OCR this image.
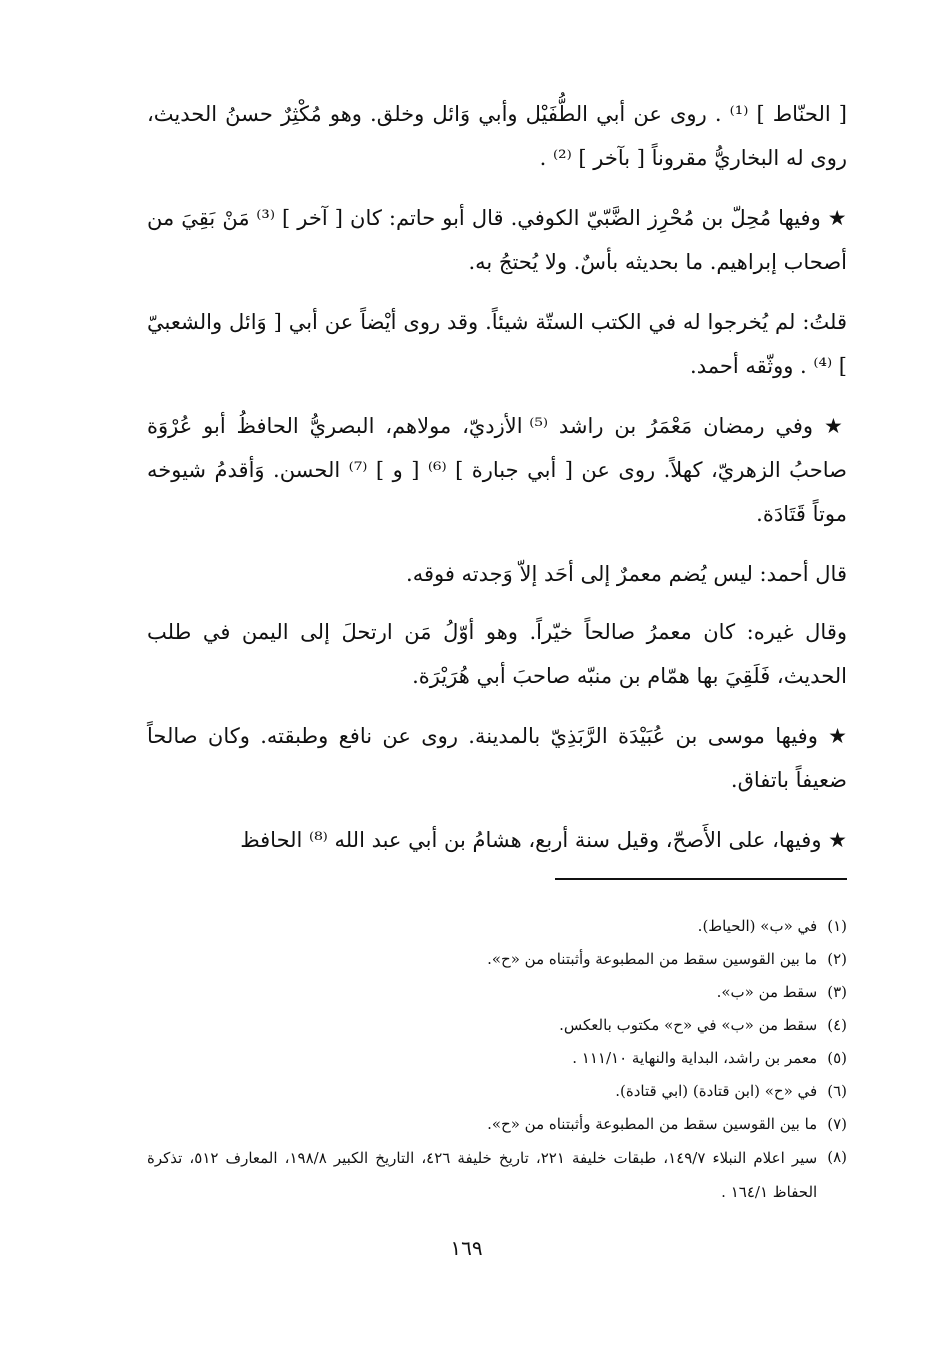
[ الحنّاط ] ⁽¹⁾ . روى عن أبي الطُّفَيْل وأبي وَائل وخلق. وهو مُكْثِرٌ حسنُ الحديث، روى له البخاريُّ مقروناً [ بآخر ] ⁽²⁾ .

★ وفيها مُحِلّ بن مُحْرِز الضَّبّيّ الكوفي. قال أبو حاتم: كان [ آخر ] ⁽³⁾ مَنْ بَقِيَ من أصحاب إبراهيم. ما بحديثه بأسٌ. ولا يُحتجُ به.

قلتُ: لم يُخرجوا له في الكتب الستّة شيئاً. وقد روى أيْضاً عن أبي [ وَائل والشعبيّ ] ⁽⁴⁾ . ووثّقه أحمد.

★ وفي رمضان مَعْمَرُ بن راشد ⁽⁵⁾ الأزديّ، مولاهم، البصريُّ الحافظُ أبو عُرْوَة صاحبُ الزهريّ، كهلاً. روى عن [ أبي جبارة ] ⁽⁶⁾ [ و ] ⁽⁷⁾ الحسن. وَأقدمُ شيوخه موتاً قَتَادَة.

قال أحمد: ليس يُضم معمرٌ إلى أحَد إلاّ وَجدته فوقه.

وقال غيره: كان معمرُ صالحاً خيّراً. وهو أوّلُ مَن ارتحلَ إلى اليمن في طلب الحديث، فَلَقِيَ بها همّام بن منبّه صاحبَ أبي هُرَيْرَة.

★ وفيها موسى بن عُبَيْدَة الرَّبَذِيّ بالمدينة. روى عن نافع وطبقته. وكان صالحاً ضعيفاً باتفاق.

★ وفيها، على الأَصحّ، وقيل سنة أربع، هشامُ بن أبي عبد الله ⁽⁸⁾ الحافظ

(١)
في «ب» (الحياط).
(٢)
ما بين القوسين سقط من المطبوعة وأثبتناه من «ح».
(٣)
سقط من «ب».
(٤)
سقط من «ب» في «ح» مكتوب بالعكس.
(٥)
معمر بن راشد، البداية والنهاية ١١١/١٠ .
(٦)
في «ح» (ابن قتادة) (ابي قتادة).
(٧)
ما بين القوسين سقط من المطبوعة وأثبتناه من «ح».
(٨)
سير اعلام النبلاء ١٤٩/٧، طبقات خليفة ٢٢١، تاريخ خليفة ٤٢٦، التاريخ الكبير ١٩٨/٨، المعارف ٥١٢، تذكرة الحفاظ ١٦٤/١ .
١٦٩
